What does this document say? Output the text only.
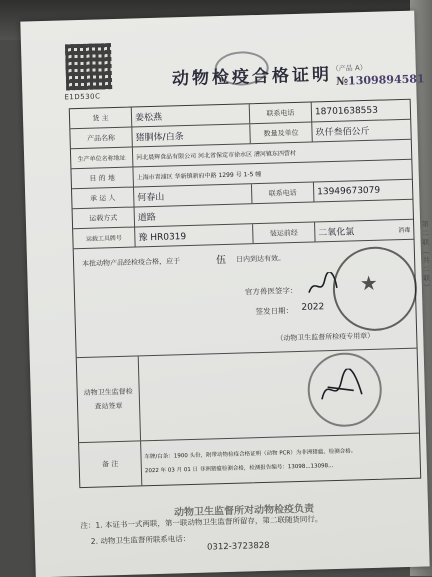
E1D530C
动物检疫合格证明 （产品 A）
№1309894581
货 主	姜松燕	联系电话	18701638553
产品名称	猪胴体/白条	数量及单位	玖仟叁佰公斤
生产单位名称地址	河北晨辉食品有限公司 河北省保定市徐水区 漕河镇东四营村
目 的 地	上海市青浦区 华新镇新府中路 1299 号 1-5 幢
承 运 人	何春山	联系电话	13949673079
运载方式	道路
运载工具牌号	豫 HR0319	装运前经	二氧化氯	消毒
本批动物产品经检疫合格，应于	伍 日内到达有效。
官方兽医签字：
签发日期： 2022
（动物卫生监督所检疫专用章）
★
动物卫生监督检查站签章
备 注
车牌/白条：1900 头份，附带动物检疫合格证明（动物 PCR）为非洲猪瘟、检测合格。
2022 年 03 月 01 日 非洲猪瘟检测合格，检测报告编号：13098...13098...
第二联（共二联）
注：1. 本证书一式两联，第一联动物卫生监督所留存，第二联随货同行。
2. 动物卫生监督所联系电话：
0312-3723828
动物卫生监督所对动物检疫负责
